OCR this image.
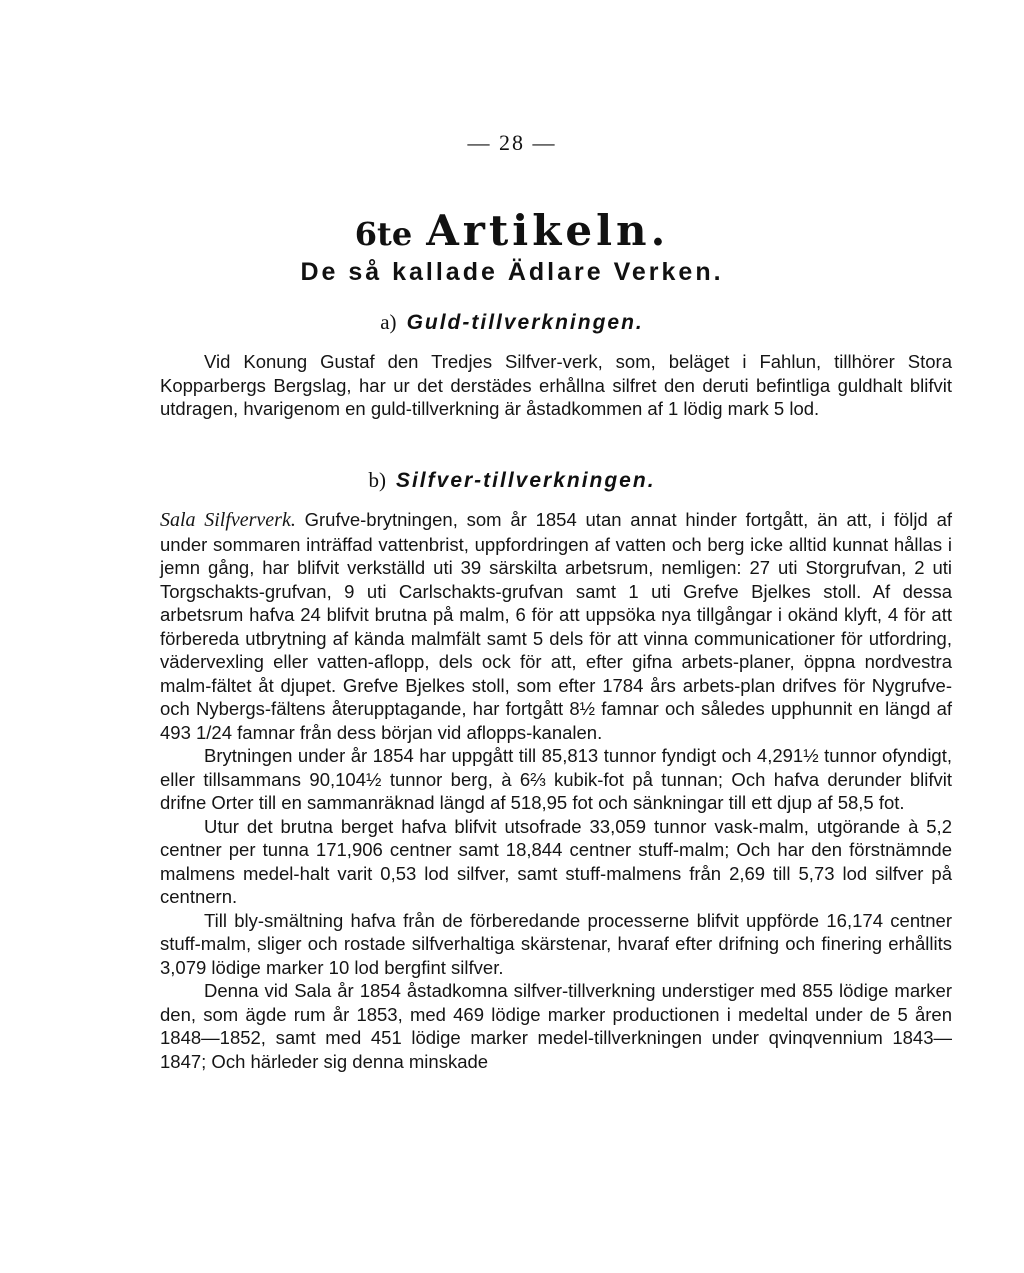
— 28 —
6te Artikeln.
De så kallade Ädlare Verken.
a) Guld-tillverkningen.

Vid Konung Gustaf den Tredjes Silfver-verk, som, beläget i Fahlun, tillhörer Stora Kopparbergs Bergslag, har ur det derstädes erhållna silfret den deruti befintliga guldhalt blifvit utdragen, hvarigenom en guld-tillverkning är åstadkommen af 1 lödig mark 5 lod.

b) Silfver-tillverkningen.

Sala Silfververk. Grufve-brytningen, som år 1854 utan annat hinder fortgått, än att, i följd af under sommaren inträffad vattenbrist, uppfordringen af vatten och berg icke alltid kunnat hållas i jemn gång, har blifvit verkställd uti 39 särskilta arbetsrum, nemligen: 27 uti Storgrufvan, 2 uti Torgschakts-grufvan, 9 uti Carlschakts-grufvan samt 1 uti Grefve Bjelkes stoll. Af dessa arbetsrum hafva 24 blifvit brutna på malm, 6 för att uppsöka nya tillgångar i okänd klyft, 4 för att förbereda utbrytning af kända malmfält samt 5 dels för att vinna communicationer för utfordring, vädervexling eller vatten-aflopp, dels ock för att, efter gifna arbets-planer, öppna nordvestra malm-fältet åt djupet. Grefve Bjelkes stoll, som efter 1784 års arbets-plan drifves för Nygrufve- och Nybergs-fältens återupptagande, har fortgått 8½ famnar och således upphunnit en längd af 493 1/24 famnar från dess början vid aflopps-kanalen.

Brytningen under år 1854 har uppgått till 85,813 tunnor fyndigt och 4,291½ tunnor ofyndigt, eller tillsammans 90,104½ tunnor berg, à 6⅔ kubik-fot på tunnan; Och hafva derunder blifvit drifne Orter till en sammanräknad längd af 518,95 fot och sänkningar till ett djup af 58,5 fot.

Utur det brutna berget hafva blifvit utsofrade 33,059 tunnor vask-malm, utgörande à 5,2 centner per tunna 171,906 centner samt 18,844 centner stuff-malm; Och har den förstnämnde malmens medel-halt varit 0,53 lod silfver, samt stuff-malmens från 2,69 till 5,73 lod silfver på centnern.

Till bly-smältning hafva från de förberedande processerne blifvit uppförde 16,174 centner stuff-malm, sliger och rostade silfverhaltiga skärstenar, hvaraf efter drifning och finering erhållits 3,079 lödige marker 10 lod bergfint silfver.

Denna vid Sala år 1854 åstadkomna silfver-tillverkning understiger med 855 lödige marker den, som ägde rum år 1853, med 469 lödige marker productionen i medeltal under de 5 åren 1848—1852, samt med 451 lödige marker medel-tillverkningen under qvinqvennium 1843—1847; Och härleder sig denna minskade
